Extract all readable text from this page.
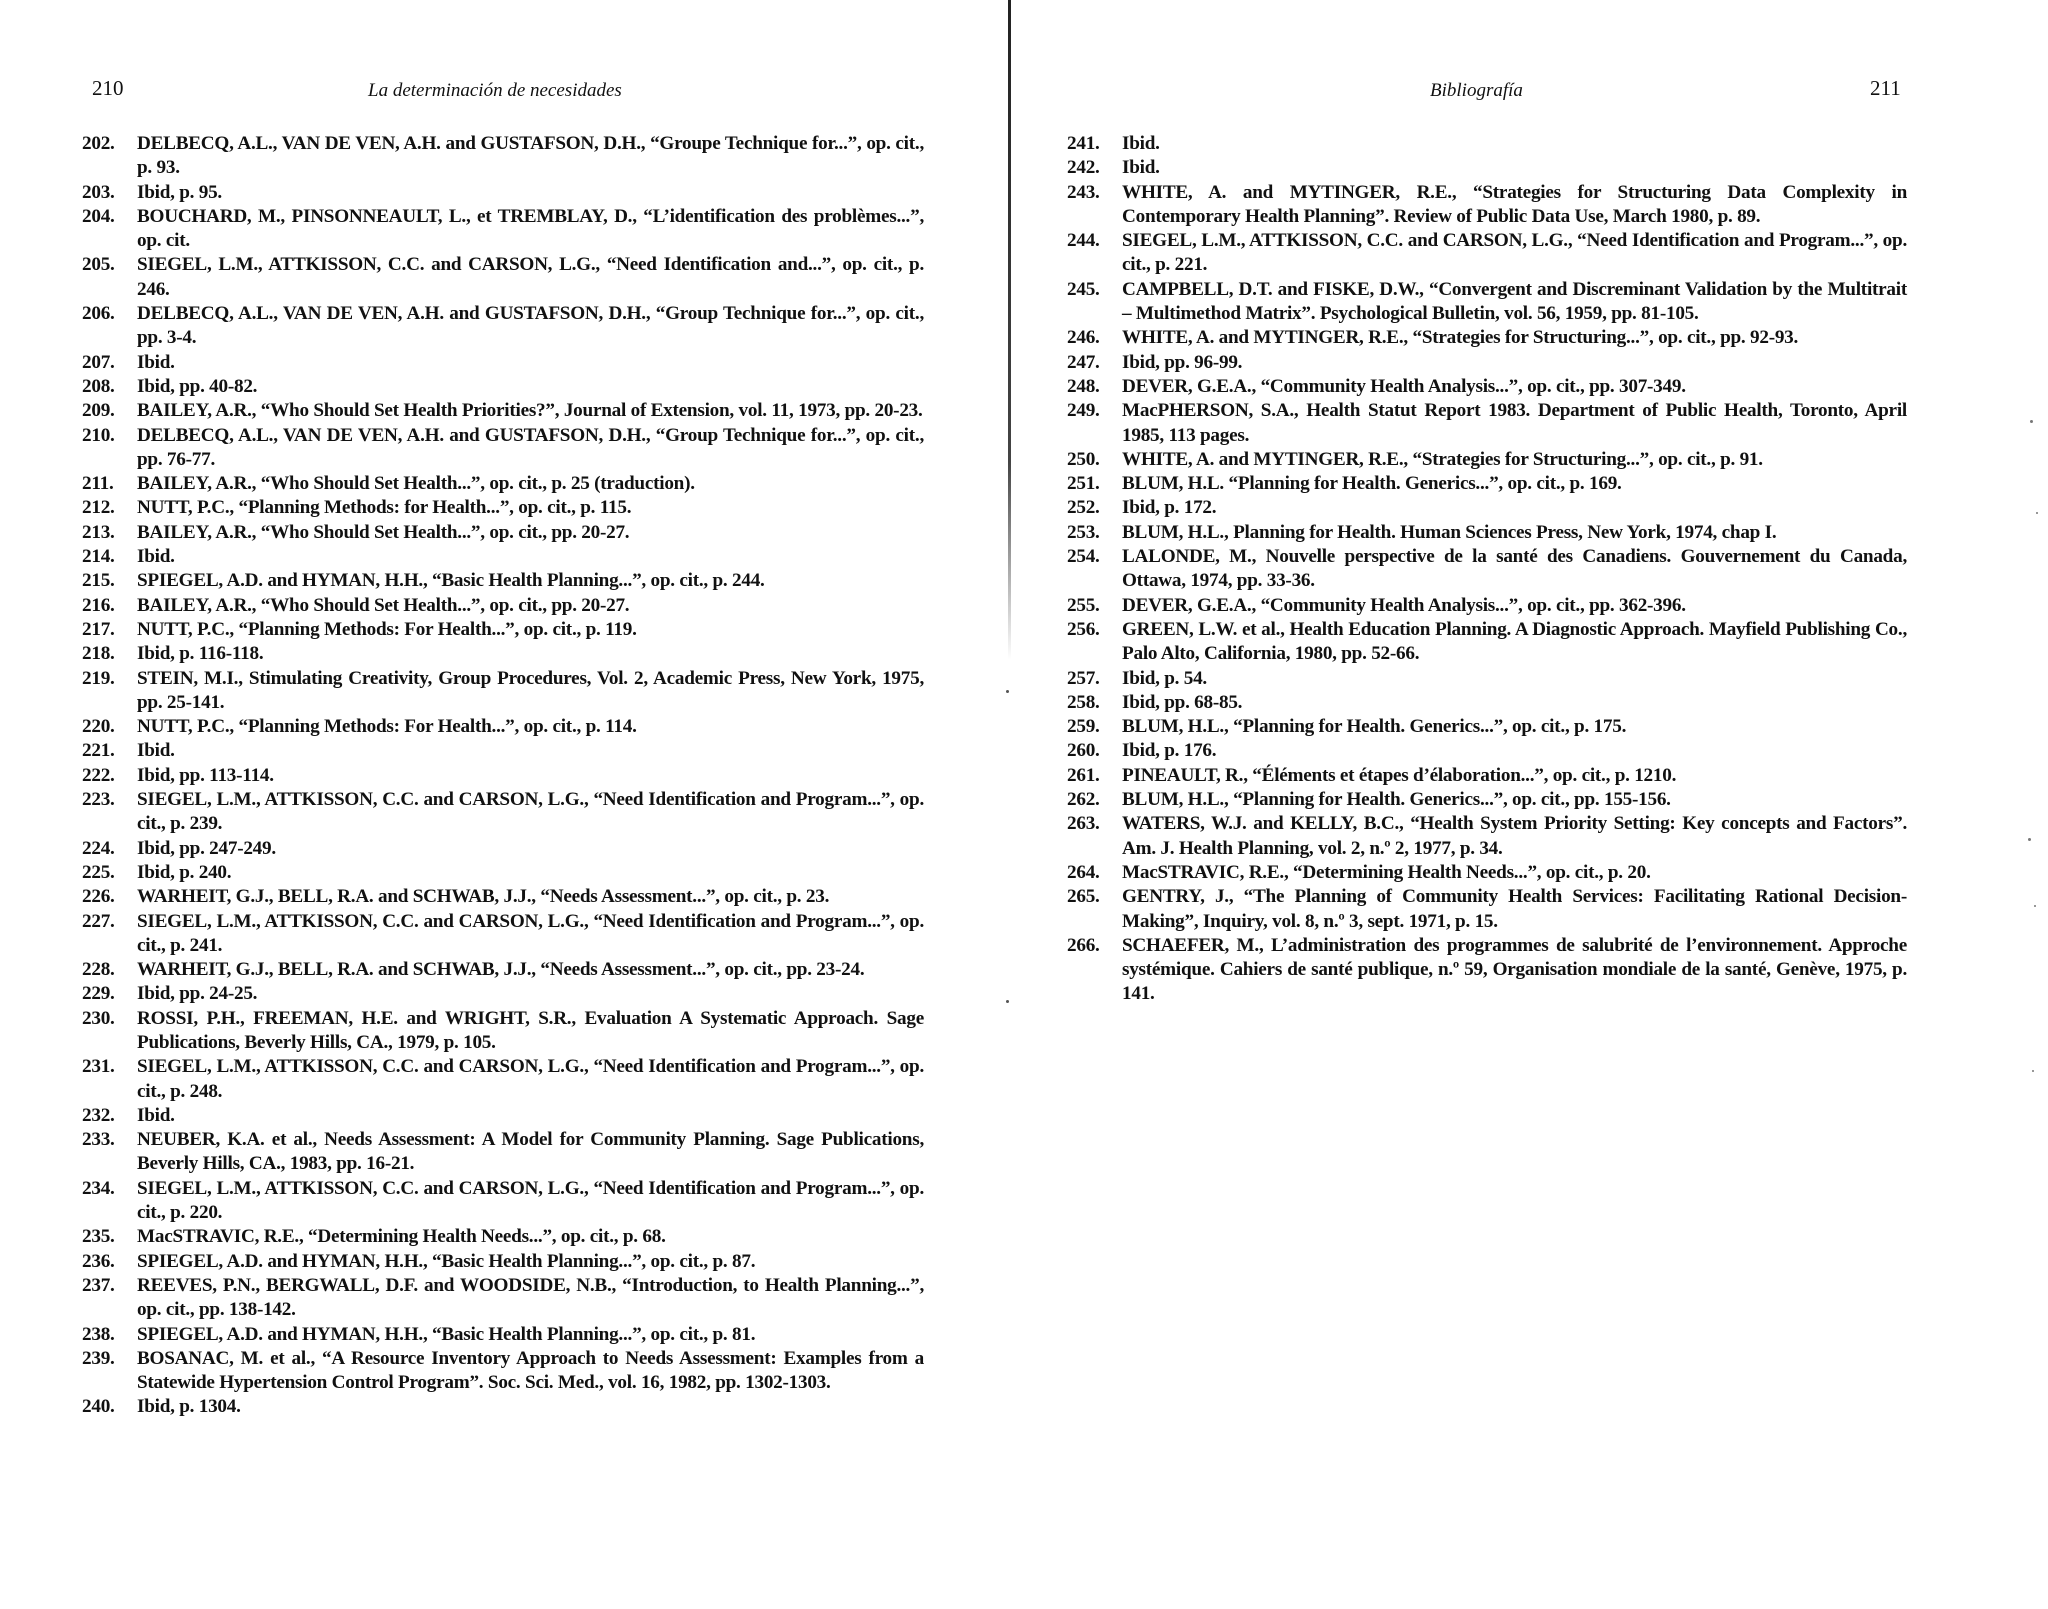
210	La determinación de necesidades
202. DELBECQ, A.L., VAN DE VEN, A.H. and GUSTAFSON, D.H., “Groupe Technique for...”, op. cit., p. 93.
203. Ibid, p. 95.
204. BOUCHARD, M., PINSONNEAULT, L., et TREMBLAY, D., “L’identification des problèmes...”, op. cit.
205. SIEGEL, L.M., ATTKISSON, C.C. and CARSON, L.G., “Need Identification and...”, op. cit., p. 246.
206. DELBECQ, A.L., VAN DE VEN, A.H. and GUSTAFSON, D.H., “Group Technique for...”, op. cit., pp. 3-4.
207. Ibid.
208. Ibid, pp. 40-82.
209. BAILEY, A.R., “Who Should Set Health Priorities?”, Journal of Extension, vol. 11, 1973, pp. 20-23.
210. DELBECQ, A.L., VAN DE VEN, A.H. and GUSTAFSON, D.H., “Group Technique for...”, op. cit., pp. 76-77.
211. BAILEY, A.R., “Who Should Set Health...”, op. cit., p. 25 (traduction).
212. NUTT, P.C., “Planning Methods: for Health...”, op. cit., p. 115.
213. BAILEY, A.R., “Who Should Set Health...”, op. cit., pp. 20-27.
214. Ibid.
215. SPIEGEL, A.D. and HYMAN, H.H., “Basic Health Planning...”, op. cit., p. 244.
216. BAILEY, A.R., “Who Should Set Health...”, op. cit., pp. 20-27.
217. NUTT, P.C., “Planning Methods: For Health...”, op. cit., p. 119.
218. Ibid, p. 116-118.
219. STEIN, M.I., Stimulating Creativity, Group Procedures, Vol. 2, Academic Press, New York, 1975, pp. 25-141.
220. NUTT, P.C., “Planning Methods: For Health...”, op. cit., p. 114.
221. Ibid.
222. Ibid, pp. 113-114.
223. SIEGEL, L.M., ATTKISSON, C.C. and CARSON, L.G., “Need Identification and Program...”, op. cit., p. 239.
224. Ibid, pp. 247-249.
225. Ibid, p. 240.
226. WARHEIT, G.J., BELL, R.A. and SCHWAB, J.J., “Needs Assessment...”, op. cit., p. 23.
227. SIEGEL, L.M., ATTKISSON, C.C. and CARSON, L.G., “Need Identification and Program...”, op. cit., p. 241.
228. WARHEIT, G.J., BELL, R.A. and SCHWAB, J.J., “Needs Assessment...”, op. cit., pp. 23-24.
229. Ibid, pp. 24-25.
230. ROSSI, P.H., FREEMAN, H.E. and WRIGHT, S.R., Evaluation A Systematic Approach. Sage Publications, Beverly Hills, CA., 1979, p. 105.
231. SIEGEL, L.M., ATTKISSON, C.C. and CARSON, L.G., “Need Identification and Program...”, op. cit., p. 248.
232. Ibid.
233. NEUBER, K.A. et al., Needs Assessment: A Model for Community Planning. Sage Publications, Beverly Hills, CA., 1983, pp. 16-21.
234. SIEGEL, L.M., ATTKISSON, C.C. and CARSON, L.G., “Need Identification and Program...”, op. cit., p. 220.
235. MacSTRAVIC, R.E., “Determining Health Needs...”, op. cit., p. 68.
236. SPIEGEL, A.D. and HYMAN, H.H., “Basic Health Planning...”, op. cit., p. 87.
237. REEVES, P.N., BERGWALL, D.F. and WOODSIDE, N.B., “Introduction, to Health Planning...”, op. cit., pp. 138-142.
238. SPIEGEL, A.D. and HYMAN, H.H., “Basic Health Planning...”, op. cit., p. 81.
239. BOSANAC, M. et al., “A Resource Inventory Approach to Needs Assessment: Examples from a Statewide Hypertension Control Program”. Soc. Sci. Med., vol. 16, 1982, pp. 1302-1303.
240. Ibid, p. 1304.
Bibliografía	211
241. Ibid.
242. Ibid.
243. WHITE, A. and MYTINGER, R.E., “Strategies for Structuring Data Complexity in Contemporary Health Planning”. Review of Public Data Use, March 1980, p. 89.
244. SIEGEL, L.M., ATTKISSON, C.C. and CARSON, L.G., “Need Identification and Program...”, op. cit., p. 221.
245. CAMPBELL, D.T. and FISKE, D.W., “Convergent and Discreminant Validation by the Multitrait – Multimethod Matrix”. Psychological Bulletin, vol. 56, 1959, pp. 81-105.
246. WHITE, A. and MYTINGER, R.E., “Strategies for Structuring...”, op. cit., pp. 92-93.
247. Ibid, pp. 96-99.
248. DEVER, G.E.A., “Community Health Analysis...”, op. cit., pp. 307-349.
249. MacPHERSON, S.A., Health Statut Report 1983. Department of Public Health, Toronto, April 1985, 113 pages.
250. WHITE, A. and MYTINGER, R.E., “Strategies for Structuring...”, op. cit., p. 91.
251. BLUM, H.L. “Planning for Health. Generics...”, op. cit., p. 169.
252. Ibid, p. 172.
253. BLUM, H.L., Planning for Health. Human Sciences Press, New York, 1974, chap I.
254. LALONDE, M., Nouvelle perspective de la santé des Canadiens. Gouvernement du Canada, Ottawa, 1974, pp. 33-36.
255. DEVER, G.E.A., “Community Health Analysis...”, op. cit., pp. 362-396.
256. GREEN, L.W. et al., Health Education Planning. A Diagnostic Approach. Mayfield Publishing Co., Palo Alto, California, 1980, pp. 52-66.
257. Ibid, p. 54.
258. Ibid, pp. 68-85.
259. BLUM, H.L., “Planning for Health. Generics...”, op. cit., p. 175.
260. Ibid, p. 176.
261. PINEAULT, R., “Éléments et étapes d’élaboration...”, op. cit., p. 1210.
262. BLUM, H.L., “Planning for Health. Generics...”, op. cit., pp. 155-156.
263. WATERS, W.J. and KELLY, B.C., “Health System Priority Setting: Key concepts and Factors”. Am. J. Health Planning, vol. 2, n.º 2, 1977, p. 34.
264. MacSTRAVIC, R.E., “Determining Health Needs...”, op. cit., p. 20.
265. GENTRY, J., “The Planning of Community Health Services: Facilitating Rational Decision-Making”, Inquiry, vol. 8, n.º 3, sept. 1971, p. 15.
266. SCHAEFER, M., L’administration des programmes de salubrité de l’environnement. Approche systémique. Cahiers de santé publique, n.º 59, Organisation mondiale de la santé, Genève, 1975, p. 141.
